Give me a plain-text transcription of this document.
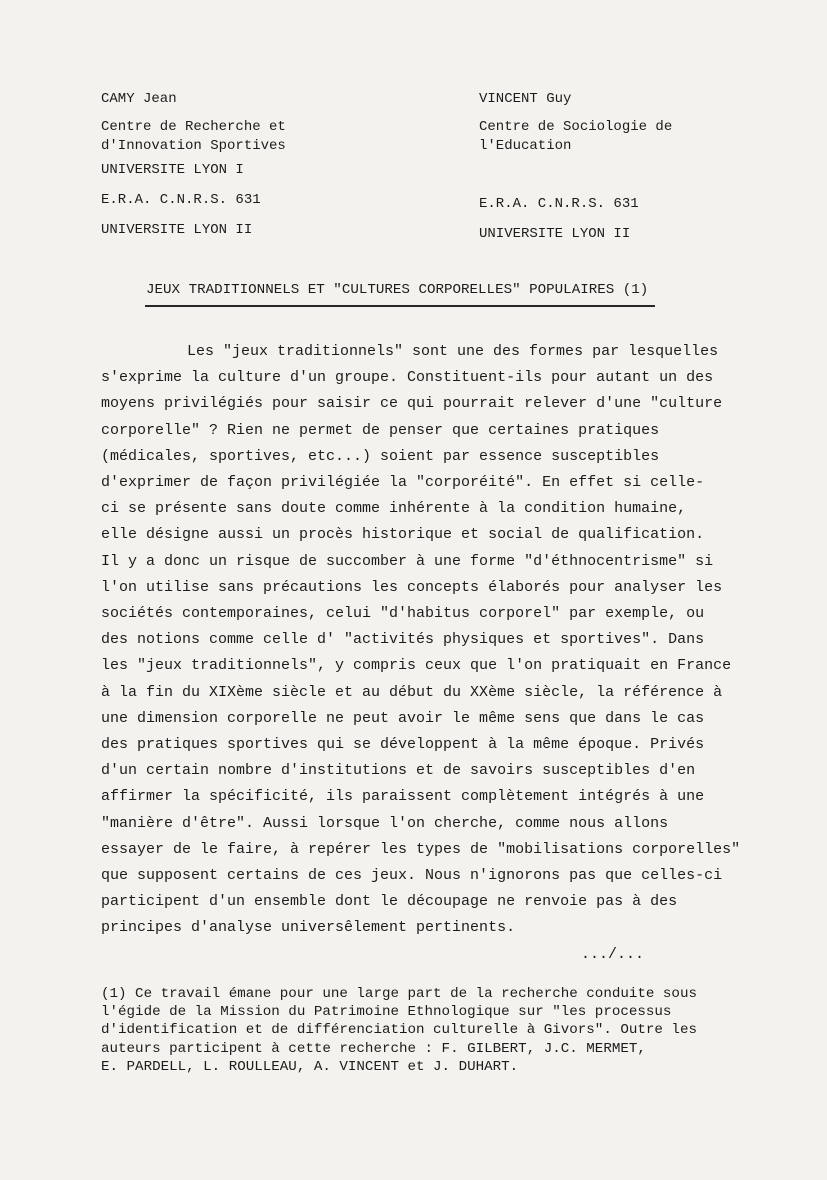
CAMY Jean
Centre de Recherche et
d'Innovation Sportives
UNIVERSITE LYON I
E.R.A. C.N.R.S. 631
UNIVERSITE LYON II
VINCENT Guy
Centre de Sociologie de
l'Education
E.R.A. C.N.R.S. 631
UNIVERSITE LYON II
JEUX TRADITIONNELS ET "CULTURES CORPORELLES" POPULAIRES (1)
Les "jeux traditionnels" sont une des formes par lesquelles
s'exprime la culture d'un groupe. Constituent-ils pour autant un des
moyens privilégiés pour saisir ce qui pourrait relever d'une "culture
corporelle" ? Rien ne permet de penser que certaines pratiques
(médicales, sportives, etc...) soient par essence susceptibles
d'exprimer de façon privilégiée la "corporéité". En effet si celle-
ci se présente sans doute comme inhérente à la condition humaine,
elle désigne aussi un procès historique et social de qualification.
Il y a donc un risque de succomber à une forme "d'éthnocentrisme" si
l'on utilise sans précautions les concepts élaborés pour analyser les
sociétés contemporaines, celui "d'habitus corporel" par exemple, ou
des notions comme celle d' "activités physiques et sportives". Dans
les "jeux traditionnels", y compris ceux que l'on pratiquait en France
à la fin du XIXème siècle et au début du XXème siècle, la référence à
une dimension corporelle ne peut avoir le même sens que dans le cas
des pratiques sportives qui se développent à la même époque. Privés
d'un certain nombre d'institutions et de savoirs susceptibles d'en
affirmer la spécificité, ils paraissent complètement intégrés à une
"manière d'être". Aussi lorsque l'on cherche, comme nous allons
essayer de le faire, à repérer les types de "mobilisations corporelles"
que supposent certains de ces jeux. Nous n'ignorons pas que celles-ci
participent d'un ensemble dont le découpage ne renvoie pas à des
principes d'analyse universêlement pertinents.
.../...
(1) Ce travail émane pour une large part de la recherche conduite sous
l'égide de la Mission du Patrimoine Ethnologique sur "les processus
d'identification et de différenciation culturelle à Givors". Outre les
auteurs participent à cette recherche : F. GILBERT, J.C. MERMET,
E. PARDELL, L. ROULLEAU, A. VINCENT et J. DUHART.
